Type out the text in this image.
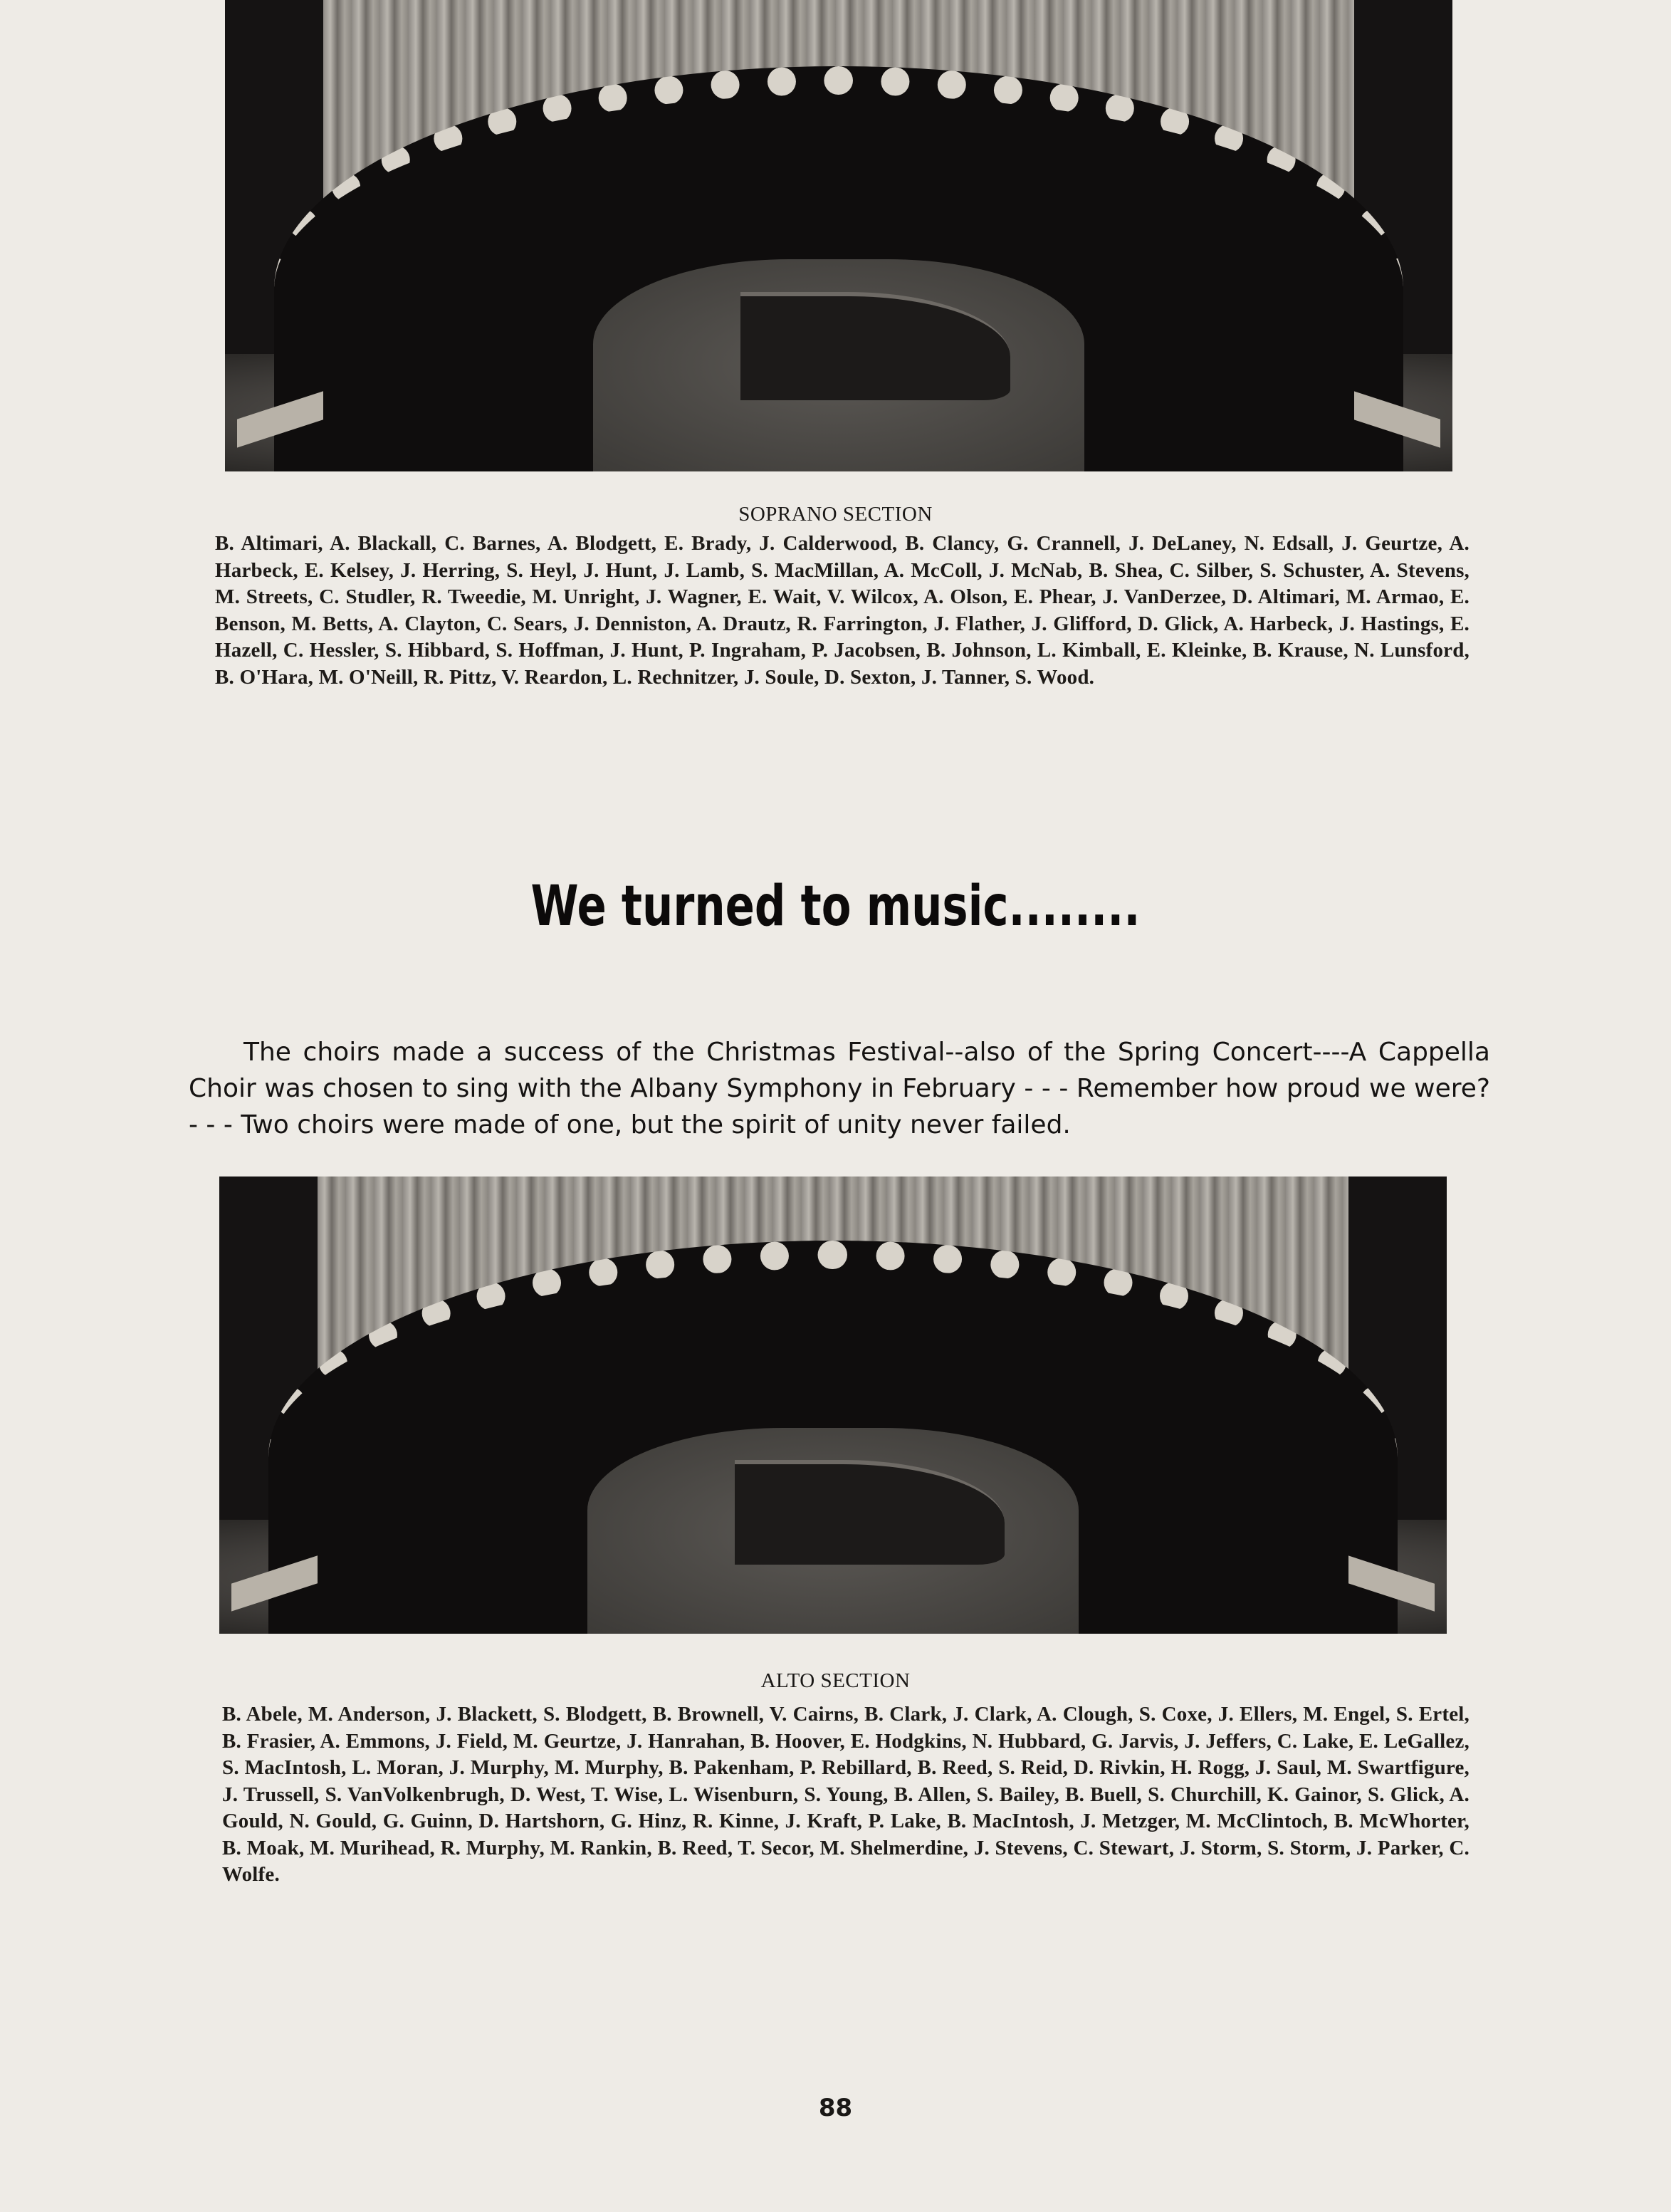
SOPRANO SECTION
B. Altimari, A. Blackall, C. Barnes, A. Blodgett, E. Brady, J. Calderwood, B. Clancy, G. Crannell, J. DeLaney, N. Edsall, J. Geurtze, A. Harbeck, E. Kelsey, J. Herring, S. Heyl, J. Hunt, J. Lamb, S. MacMillan, A. McColl, J. McNab, B. Shea, C. Silber, S. Schuster, A. Stevens, M. Streets, C. Studler, R. Tweedie, M. Unright, J. Wagner, E. Wait, V. Wilcox, A. Olson, E. Phear, J. VanDerzee, D. Altimari, M. Armao, E. Benson, M. Betts, A. Clayton, C. Sears, J. Denniston, A. Drautz, R. Farrington, J. Flather, J. Glifford, D. Glick, A. Harbeck, J. Hastings, E. Hazell, C. Hessler, S. Hibbard, S. Hoffman, J. Hunt, P. Ingraham, P. Jacobsen, B. Johnson, L. Kimball, E. Kleinke, B. Krause, N. Lunsford, B. O'Hara, M. O'Neill, R. Pittz, V. Reardon, L. Rechnitzer, J. Soule, D. Sexton, J. Tanner, S. Wood.
We turned to music........
The choirs made a success of the Christmas Festival--also of the Spring Concert----A Cappella Choir was chosen to sing with the Albany Symphony in February - - - Remember how proud we were? - - - Two choirs were made of one, but the spirit of unity never failed.
ALTO SECTION
B. Abele, M. Anderson, J. Blackett, S. Blodgett, B. Brownell, V. Cairns, B. Clark, J. Clark, A. Clough, S. Coxe, J. Ellers, M. Engel, S. Ertel, B. Frasier, A. Emmons, J. Field, M. Geurtze, J. Hanrahan, B. Hoover, E. Hodgkins, N. Hubbard, G. Jarvis, J. Jeffers, C. Lake, E. LeGallez, S. MacIntosh, L. Moran, J. Murphy, M. Murphy, B. Pakenham, P. Rebillard, B. Reed, S. Reid, D. Rivkin, H. Rogg, J. Saul, M. Swartfigure, J. Trussell, S. VanVolkenbrugh, D. West, T. Wise, L. Wisenburn, S. Young, B. Allen, S. Bailey, B. Buell, S. Churchill, K. Gainor, S. Glick, A. Gould, N. Gould, G. Guinn, D. Hartshorn, G. Hinz, R. Kinne, J. Kraft, P. Lake, B. MacIntosh, J. Metzger, M. McClintoch, B. McWhorter, B. Moak, M. Murihead, R. Murphy, M. Rankin, B. Reed, T. Secor, M. Shelmerdine, J. Stevens, C. Stewart, J. Storm, S. Storm, J. Parker, C. Wolfe.
88
